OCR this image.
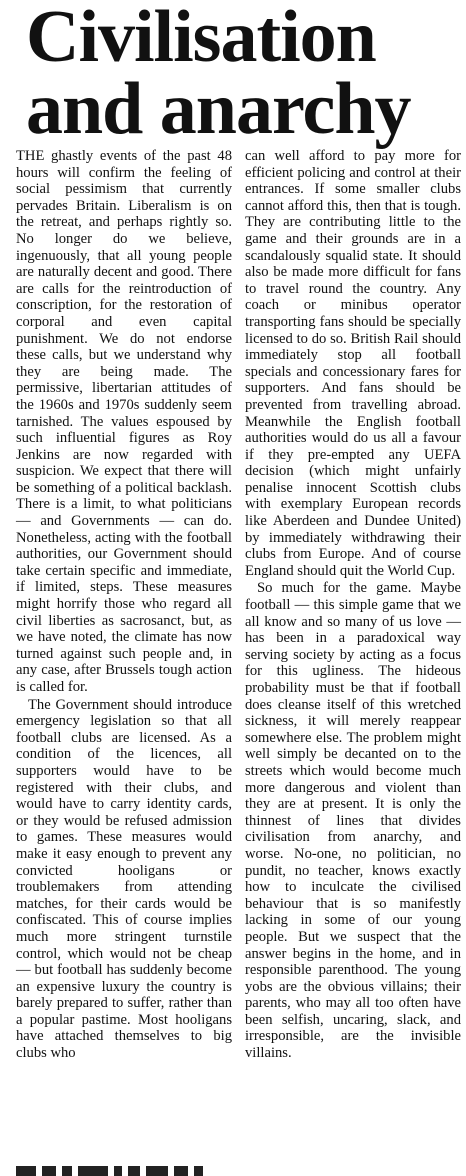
Civilisation
and anarchy

THE ghastly events of the past 48 hours will confirm the feeling of social pessimism that currently pervades Britain. Liberalism is on the retreat, and perhaps rightly so. No longer do we believe, ingenuously, that all young people are naturally decent and good. There are calls for the reintroduction of conscription, for the restoration of corporal and even capital punishment. We do not endorse these calls, but we understand why they are being made. The permissive, libertarian attitudes of the 1960s and 1970s suddenly seem tarnished. The values espoused by such influential figures as Roy Jenkins are now regarded with suspicion. We expect that there will be something of a political backlash. There is a limit, to what politicians — and Governments — can do. Nonetheless, acting with the football authorities, our Government should take certain specific and immediate, if limited, steps. These measures might horrify those who regard all civil liberties as sacrosanct, but, as we have noted, the climate has now turned against such people and, in any case, after Brussels tough action is called for.

The Government should introduce emergency legislation so that all football clubs are licensed. As a condition of the licences, all supporters would have to be registered with their clubs, and would have to carry identity cards, or they would be refused admission to games. These measures would make it easy enough to prevent any convicted hooligans or troublemakers from attending matches, for their cards would be confiscated. This of course implies much more stringent turnstile control, which would not be cheap — but football has suddenly become an expensive luxury the country is barely prepared to suffer, rather than a popular pastime. Most hooligans have attached themselves to big clubs who

can well afford to pay more for efficient policing and control at their entrances. If some smaller clubs cannot afford this, then that is tough. They are contributing little to the game and their grounds are in a scandalously squalid state. It should also be made more difficult for fans to travel round the country. Any coach or minibus operator transporting fans should be specially licensed to do so. British Rail should immediately stop all football specials and concessionary fares for supporters. And fans should be prevented from travelling abroad. Meanwhile the English football authorities would do us all a favour if they pre-empted any UEFA decision (which might unfairly penalise innocent Scottish clubs with exemplary European records like Aberdeen and Dundee United) by immediately withdrawing their clubs from Europe. And of course England should quit the World Cup.

So much for the game. Maybe football — this simple game that we all know and so many of us love — has been in a paradoxical way serving society by acting as a focus for this ugliness. The hideous probability must be that if football does cleanse itself of this wretched sickness, it will merely reappear somewhere else. The problem might well simply be decanted on to the streets which would become much more dangerous and violent than they are at present. It is only the thinnest of lines that divides civilisation from anarchy, and worse. No-one, no politician, no pundit, no teacher, knows exactly how to inculcate the civilised behaviour that is so manifestly lacking in some of our young people. But we suspect that the answer begins in the home, and in responsible parenthood. The young yobs are the obvious villains; their parents, who may all too often have been selfish, uncaring, slack, and irresponsible, are the invisible villains.
